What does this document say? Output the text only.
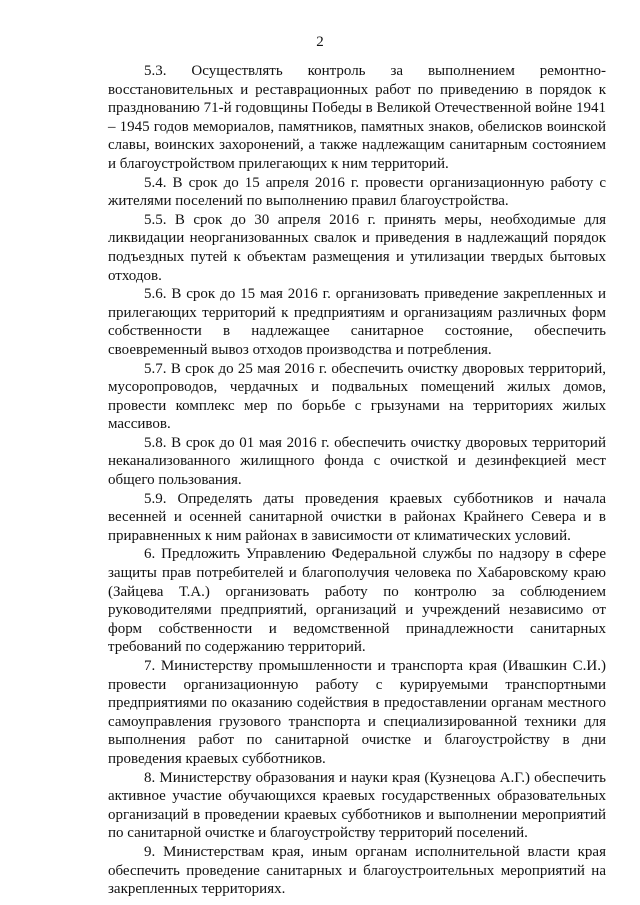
2

5.3. Осуществлять контроль за выполнением ремонтно-восстановительных и реставрационных работ по приведению в порядок к празднованию 71-й годовщины Победы в Великой Отечественной войне 1941 – 1945 годов мемориалов, памятников, памятных знаков, обелисков воинской славы, воинских захоронений, а также надлежащим санитарным состоянием и благоустройством прилегающих к ним территорий.

5.4. В срок до 15 апреля 2016 г. провести организационную работу с жителями поселений по выполнению правил благоустройства.

5.5. В срок до 30 апреля 2016 г. принять меры, необходимые для ликвидации неорганизованных свалок и приведения в надлежащий порядок подъездных путей к объектам размещения и утилизации твердых бытовых отходов.

5.6. В срок до 15 мая 2016 г. организовать приведение закрепленных и прилегающих территорий к предприятиям и организациям различных форм собственности в надлежащее санитарное состояние, обеспечить своевременный вывоз отходов производства и потребления.

5.7. В срок до 25 мая 2016 г. обеспечить очистку дворовых территорий, мусоропроводов, чердачных и подвальных помещений жилых домов, провести комплекс мер по борьбе с грызунами на территориях жилых массивов.

5.8. В срок до 01 мая 2016 г. обеспечить очистку дворовых территорий неканализованного жилищного фонда с очисткой и дезинфекцией мест общего пользования.

5.9. Определять даты проведения краевых субботников и начала весенней и осенней санитарной очистки в районах Крайнего Севера и в приравненных к ним районах в зависимости от климатических условий.

6. Предложить Управлению Федеральной службы по надзору в сфере защиты прав потребителей и благополучия человека по Хабаровскому краю (Зайцева Т.А.) организовать работу по контролю за соблюдением руководителями предприятий, организаций и учреждений независимо от форм собственности и ведомственной принадлежности санитарных требований по содержанию территорий.

7. Министерству промышленности и транспорта края (Ивашкин С.И.) провести организационную работу с курируемыми транспортными предприятиями по оказанию содействия в предоставлении органам местного самоуправления грузового транспорта и специализированной техники для выполнения работ по санитарной очистке и благоустройству в дни проведения краевых субботников.

8. Министерству образования и науки края (Кузнецова А.Г.) обеспечить активное участие обучающихся краевых государственных образовательных организаций в проведении краевых субботников и выполнении мероприятий по санитарной очистке и благоустройству территорий поселений.

9. Министерствам края, иным органам исполнительной власти края обеспечить проведение санитарных и благоустроительных мероприятий на закрепленных территориях.
